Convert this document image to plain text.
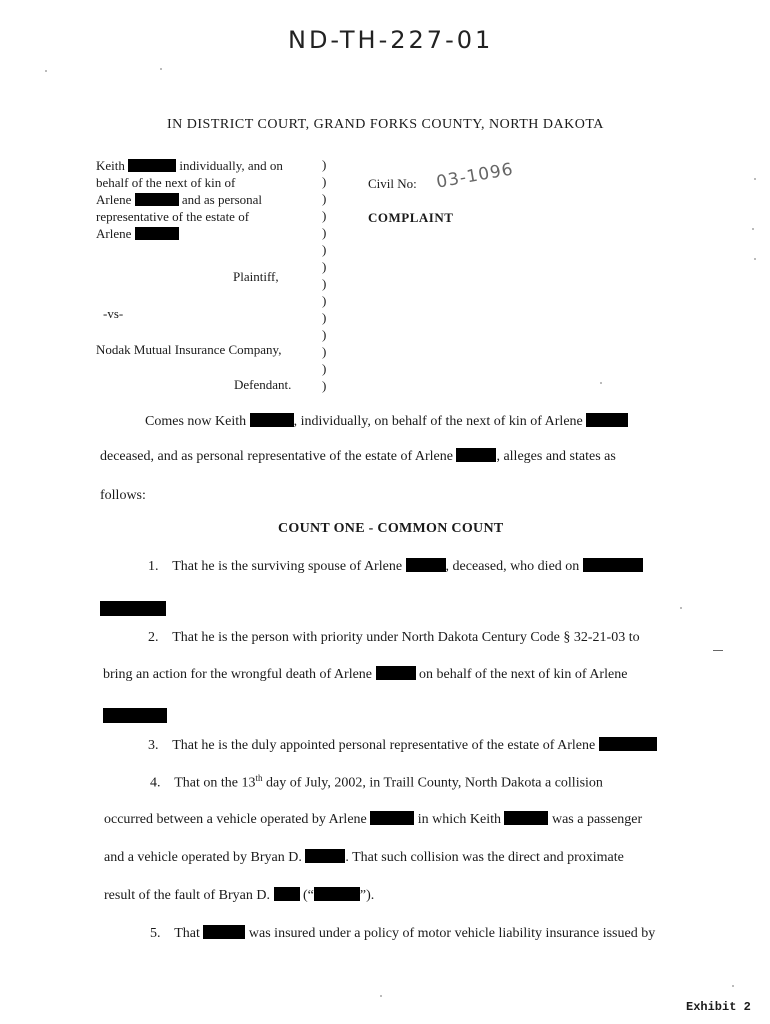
ND-TH-227-01
IN DISTRICT COURT, GRAND FORKS COUNTY, NORTH DAKOTA
Keith	individually, and on
behalf of the next of kin of
Arlene	and as personal
representative of the estate of
Arlene
Plaintiff,
-vs-
Nodak Mutual Insurance Company,
Defendant.
)
)
)
)
)
)
)
)
)
)
)
)
)
)
Civil No: 03-1096
COMPLAINT
Comes now Keith	, individually, on behalf of the next of kin of Arlene
deceased, and as personal representative of the estate of Arlene	, alleges and states as
follows:
COUNT ONE - COMMON COUNT
1. That he is the surviving spouse of Arlene	, deceased, who died on
2. That he is the person with priority under North Dakota Century Code § 32-21-03 to
bring an action for the wrongful death of Arlene	on behalf of the next of kin of Arlene
3. That he is the duly appointed personal representative of the estate of Arlene
4. That on the 13th day of July, 2002, in Traill County, North Dakota a collision
occurred between a vehicle operated by Arlene	in which Keith	was a passenger
and a vehicle operated by Bryan D.	. That such collision was the direct and proximate
result of the fault of Bryan D. (“	”).
5. That	was insured under a policy of motor vehicle liability insurance issued by
Exhibit 2
